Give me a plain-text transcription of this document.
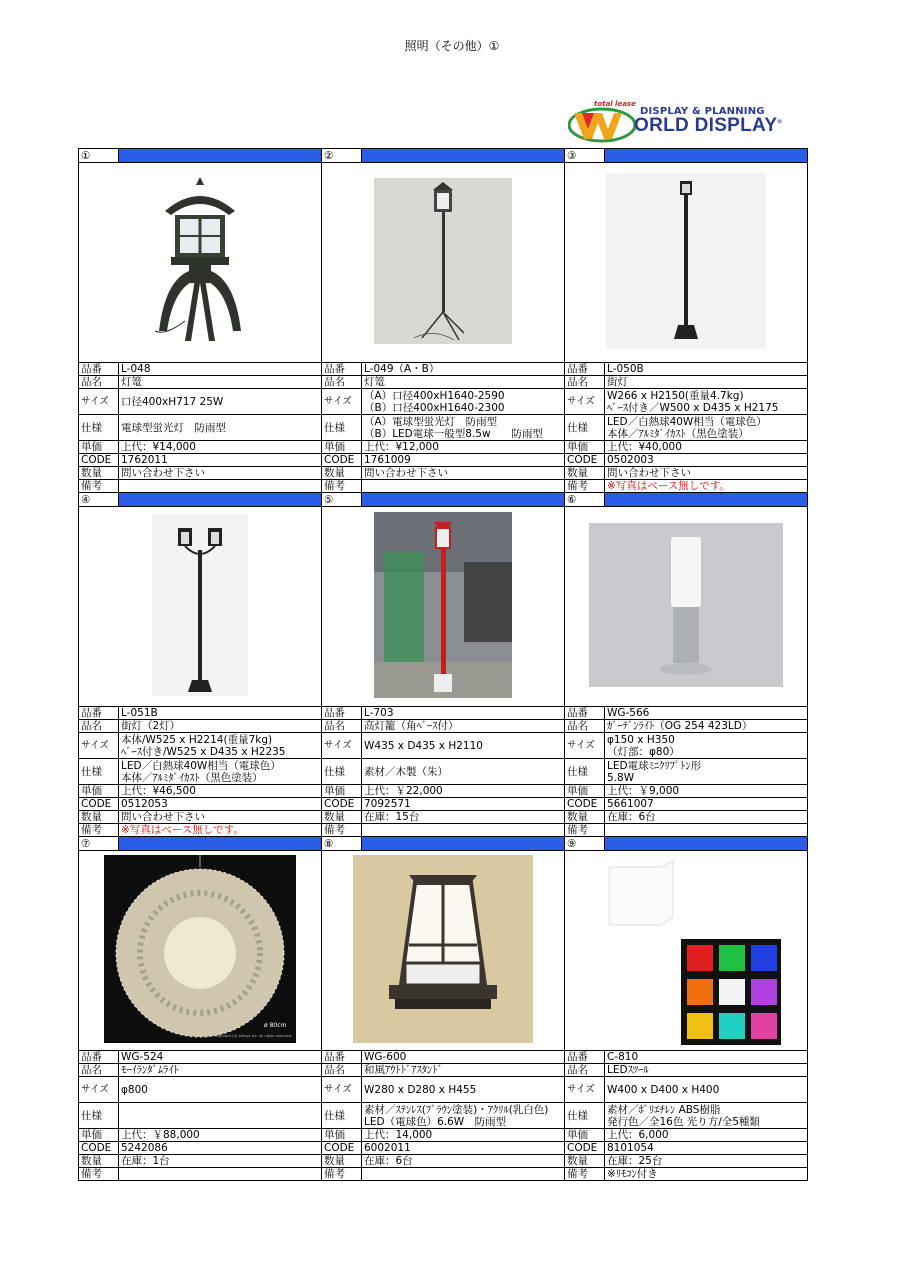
照明（その他）①
total lease
DISPLAY & PLANNING
ORLD DISPLAY®
①		②		③	

品番	L-048	品番	L-049（A・B）	品番	L-050B
品名	灯篭	品名	灯篭	品名	街灯
サイズ	口径400xH717 25W	サイズ	（A）口径400xH1640-2590
（B）口径400xH1640-2300	サイズ	W266 x H2150(重量4.7kg)
ﾍﾞｰｽ付き／W500 x D435 x H2175

仕様	電球型蛍光灯　防雨型	仕様	（A）電球型蛍光灯　防雨型
（B）LED電球一般型8.5w　　防雨型	仕様	LED／白熱球40W相当（電球色）
本体／ｱﾙﾐﾀﾞｲｶｽﾄ（黒色塗装）

単価	上代：¥14,000	単価	上代：¥12,000	単価	上代：¥40,000
CODE	1762011	CODE	1761009	CODE	0502003
数量	問い合わせ下さい	数量	問い合わせ下さい	数量	問い合わせ下さい
備考		備考		備考	※写真はベース無しです。
④		⑤		⑥	

品番	L-051B	品番	L-703	品番	WG-566
品名	街灯（2灯）	品名	高灯籠（角ﾍﾞｰｽ付）	品名	ｶﾞｰﾃﾞﾝﾗｲﾄ（OG 254 423LD）
サイズ	本体/W525 x H2214(重量7kg)
ﾍﾞｰｽ付き/W525 x D435 x H2235	サイズ	W435 x D435 x H2110	サイズ	φ150 x H350
（灯部：φ80）

仕様	LED／白熱球40W相当（電球色）
本体／ｱﾙﾐﾀﾞｲｶｽﾄ（黒色塗装）	仕様	素材／木製（朱）	仕様	LED電球ﾐﾆｸﾘﾌﾟﾄﾝ形
5.8W

単価	上代：¥46,500	単価	上代：￥22,000	単価	上代：￥9,000
CODE	0512053	CODE	7092571	CODE	5661007
数量	問い合わせ下さい	数量	在庫：15台	数量	在庫：6台
備考	※写真はベース無しです。	備考		備考	
⑦		⑧		⑨	

ø 80cm
Copyright (C) airtoys Inc. All rights reserved.

品番	WG-524	品番	WG-600	品番	C-810
品名	ﾓｰｲﾗﾝﾀﾞﾑﾗｲﾄ	品名	和風ｱｳﾄﾄﾞｱｽﾀﾝﾄﾞ	品名	LEDｽﾂｰﾙ
サイズ	φ800	サイズ	W280 x D280 x H455	サイズ	W400 x D400 x H400

仕様		仕様	素材／ｽﾃﾝﾚｽ(ﾌﾞﾗｳﾝ塗装)・ｱｸﾘﾙ(乳白色)
LED（電球色）6.6W　防雨型	仕様	素材／ﾎﾟﾘｴﾁﾚﾝ ABS樹脂
発行色／全16色 光り方/全5種類

単価	上代：￥88,000	単価	上代：14,000	単価	上代：6,000
CODE	5242086	CODE	6002011	CODE	8101054
数量	在庫：1台	数量	在庫：6台	数量	在庫：25台
備考		備考		備考	※ﾘﾓｺﾝ付き
